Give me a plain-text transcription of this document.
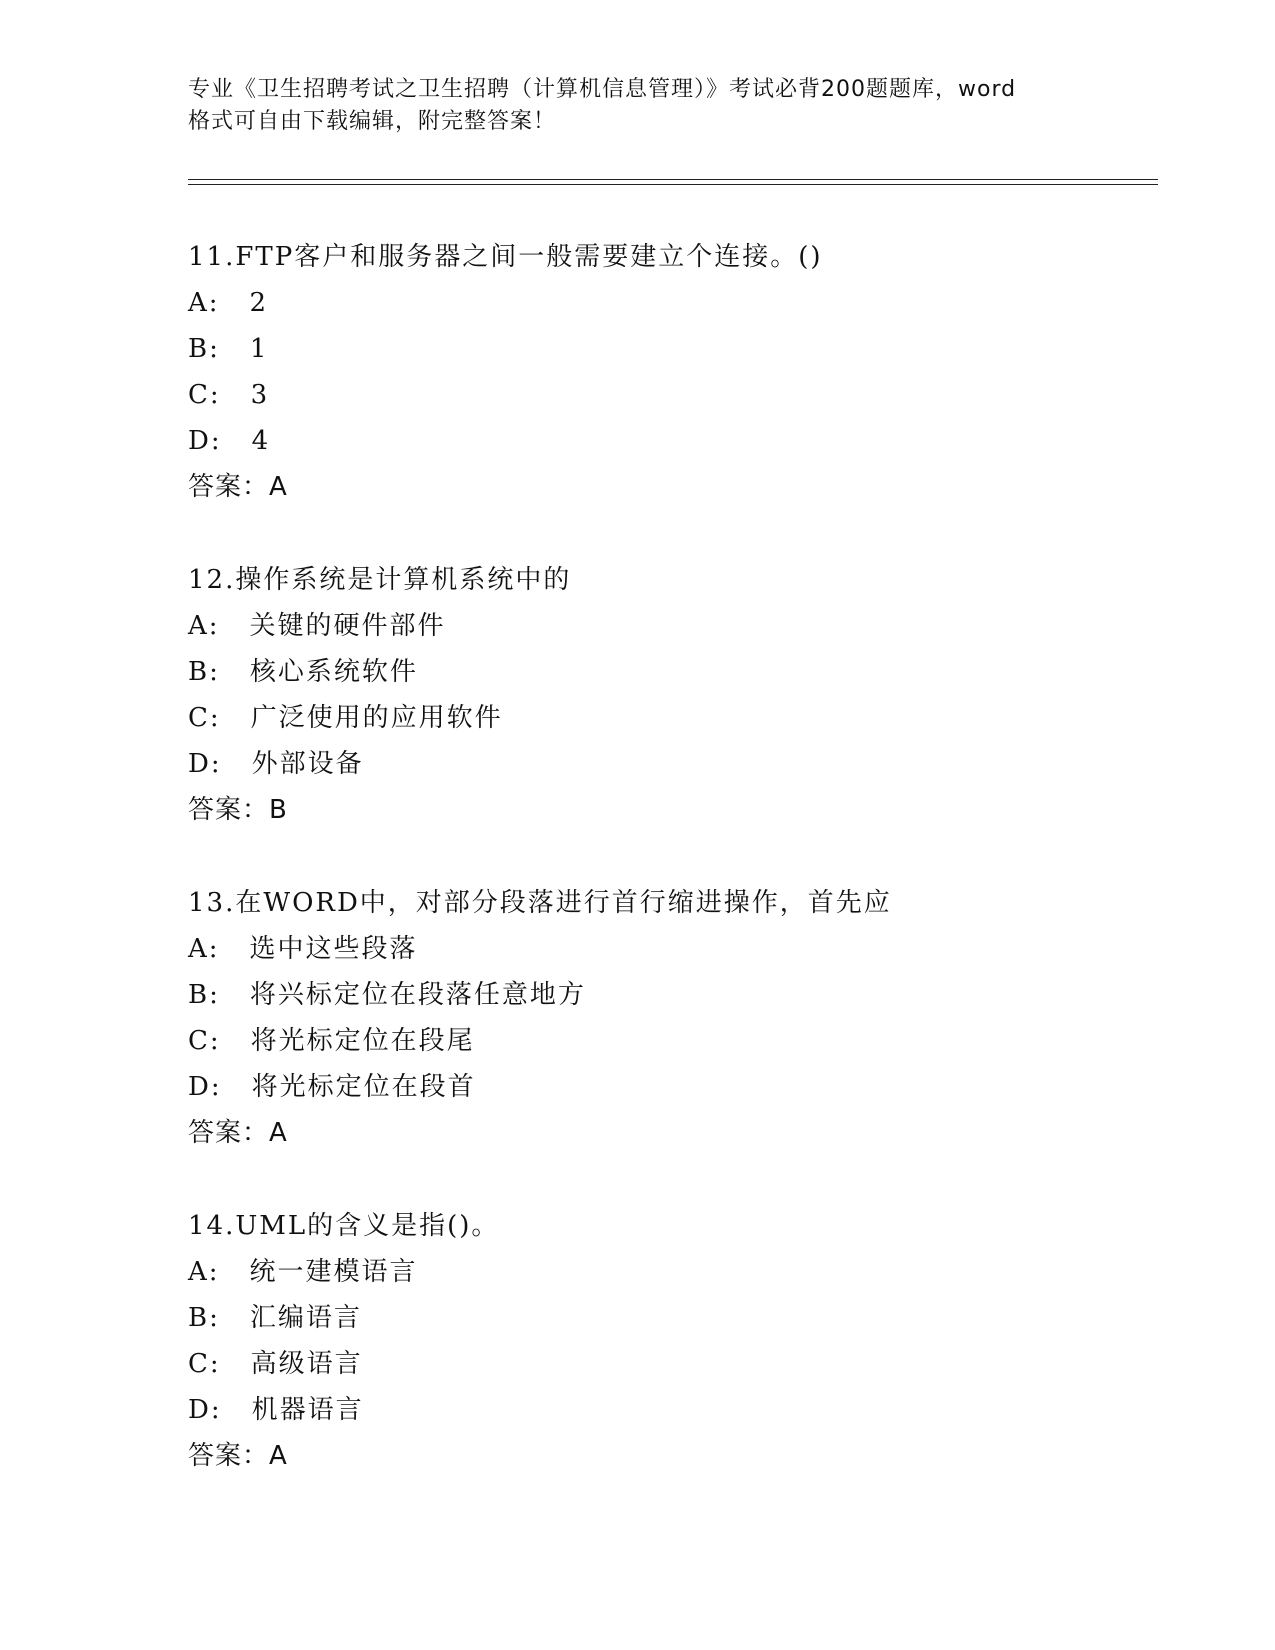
专业《卫生招聘考试之卫生招聘（计算机信息管理）》考试必背200题题库，word
格式可自由下载编辑，附完整答案！
11.FTP客户和服务器之间一般需要建立个连接。()
A: 2
B: 1
C: 3
D: 4
答案：A
12.操作系统是计算机系统中的
A: 关键的硬件部件
B: 核心系统软件
C: 广泛使用的应用软件
D: 外部设备
答案：B
13.在WORD中，对部分段落进行首行缩进操作，首先应
A: 选中这些段落
B: 将兴标定位在段落任意地方
C: 将光标定位在段尾
D: 将光标定位在段首
答案：A
14.UML的含义是指()。
A: 统一建模语言
B: 汇编语言
C: 高级语言
D: 机器语言
答案：A
